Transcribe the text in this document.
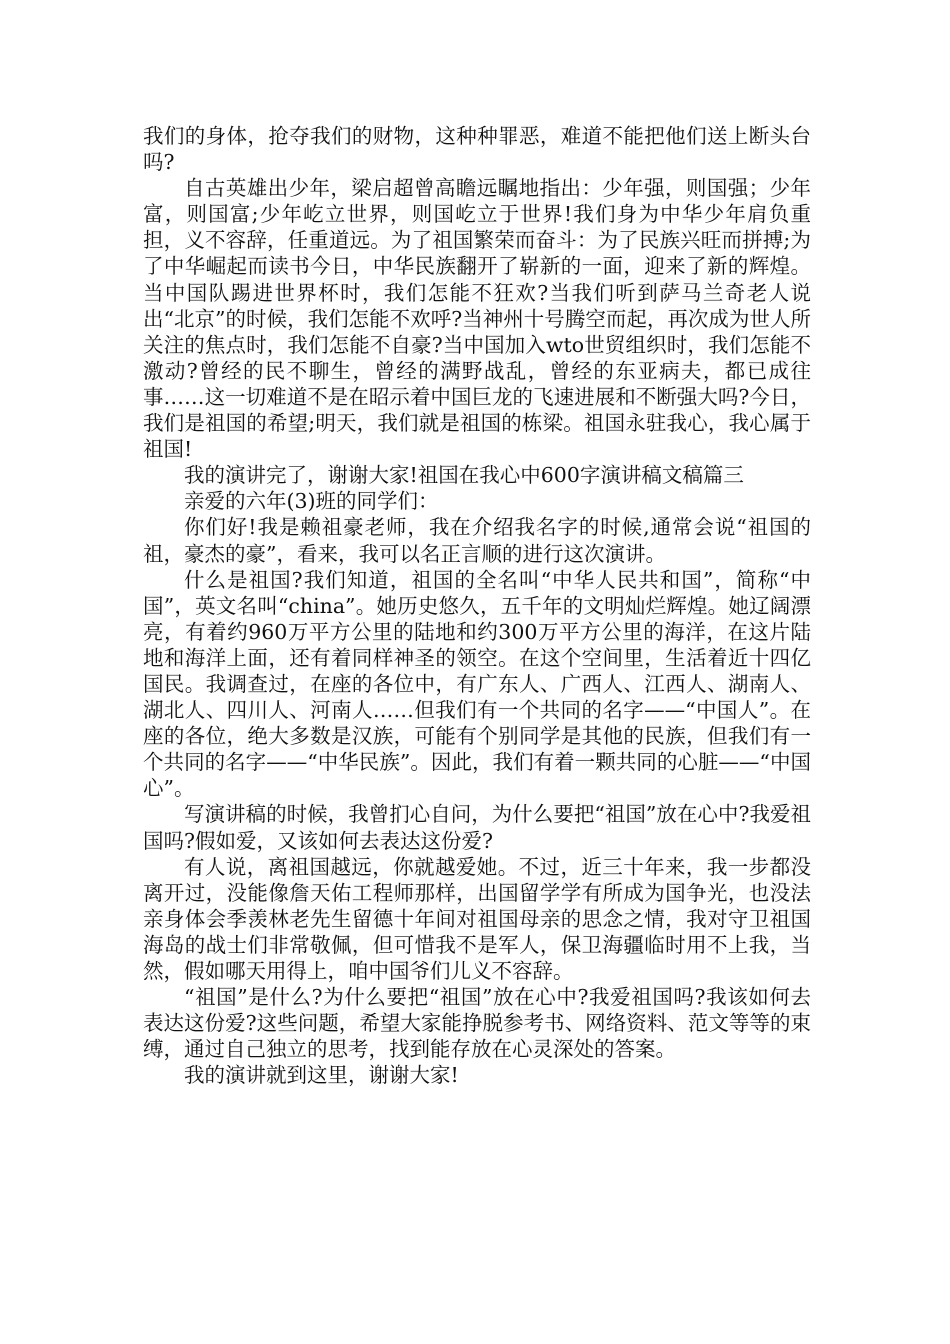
我们的身体，抢夺我们的财物，这种种罪恶，难道不能把他们送上断头台吗?

自古英雄出少年，梁启超曾高瞻远瞩地指出：少年强，则国强；少年富，则国富;少年屹立世界，则国屹立于世界!我们身为中华少年肩负重担，义不容辞，任重道远。为了祖国繁荣而奋斗：为了民族兴旺而拼搏;为了中华崛起而读书今日，中华民族翻开了崭新的一面，迎来了新的辉煌。当中国队踢进世界杯时，我们怎能不狂欢?当我们听到萨马兰奇老人说出“北京”的时候，我们怎能不欢呼?当神州十号腾空而起，再次成为世人所关注的焦点时，我们怎能不自豪?当中国加入wto世贸组织时，我们怎能不激动?曾经的民不聊生，曾经的满野战乱，曾经的东亚病夫，都已成往事……这一切难道不是在昭示着中国巨龙的飞速进展和不断强大吗?今日，我们是祖国的希望;明天，我们就是祖国的栋梁。祖国永驻我心，我心属于祖国!

我的演讲完了，谢谢大家!祖国在我心中600字演讲稿文稿篇三

亲爱的六年(3)班的同学们：

你们好!我是赖祖豪老师，我在介绍我名字的时候,通常会说“祖国的祖，豪杰的豪”，看来，我可以名正言顺的进行这次演讲。

什么是祖国?我们知道，祖国的全名叫“中华人民共和国”，简称“中国”，英文名叫“china”。她历史悠久，五千年的文明灿烂辉煌。她辽阔漂亮，有着约960万平方公里的陆地和约300万平方公里的海洋，在这片陆地和海洋上面，还有着同样神圣的领空。在这个空间里，生活着近十四亿国民。我调查过，在座的各位中，有广东人、广西人、江西人、湖南人、湖北人、四川人、河南人……但我们有一个共同的名字——“中国人”。在座的各位，绝大多数是汉族，可能有个别同学是其他的民族，但我们有一个共同的名字——“中华民族”。因此，我们有着一颗共同的心脏——“中国心”。

写演讲稿的时候，我曾扪心自问，为什么要把“祖国”放在心中?我爱祖国吗?假如爱，又该如何去表达这份爱?

有人说，离祖国越远，你就越爱她。不过，近三十年来，我一步都没离开过，没能像詹天佑工程师那样，出国留学学有所成为国争光，也没法亲身体会季羡林老先生留德十年间对祖国母亲的思念之情，我对守卫祖国海岛的战士们非常敬佩，但可惜我不是军人，保卫海疆临时用不上我，当然，假如哪天用得上，咱中国爷们儿义不容辞。

“祖国”是什么?为什么要把“祖国”放在心中?我爱祖国吗?我该如何去表达这份爱?这些问题，希望大家能挣脱参考书、网络资料、范文等等的束缚，通过自己独立的思考，找到能存放在心灵深处的答案。

我的演讲就到这里，谢谢大家!
